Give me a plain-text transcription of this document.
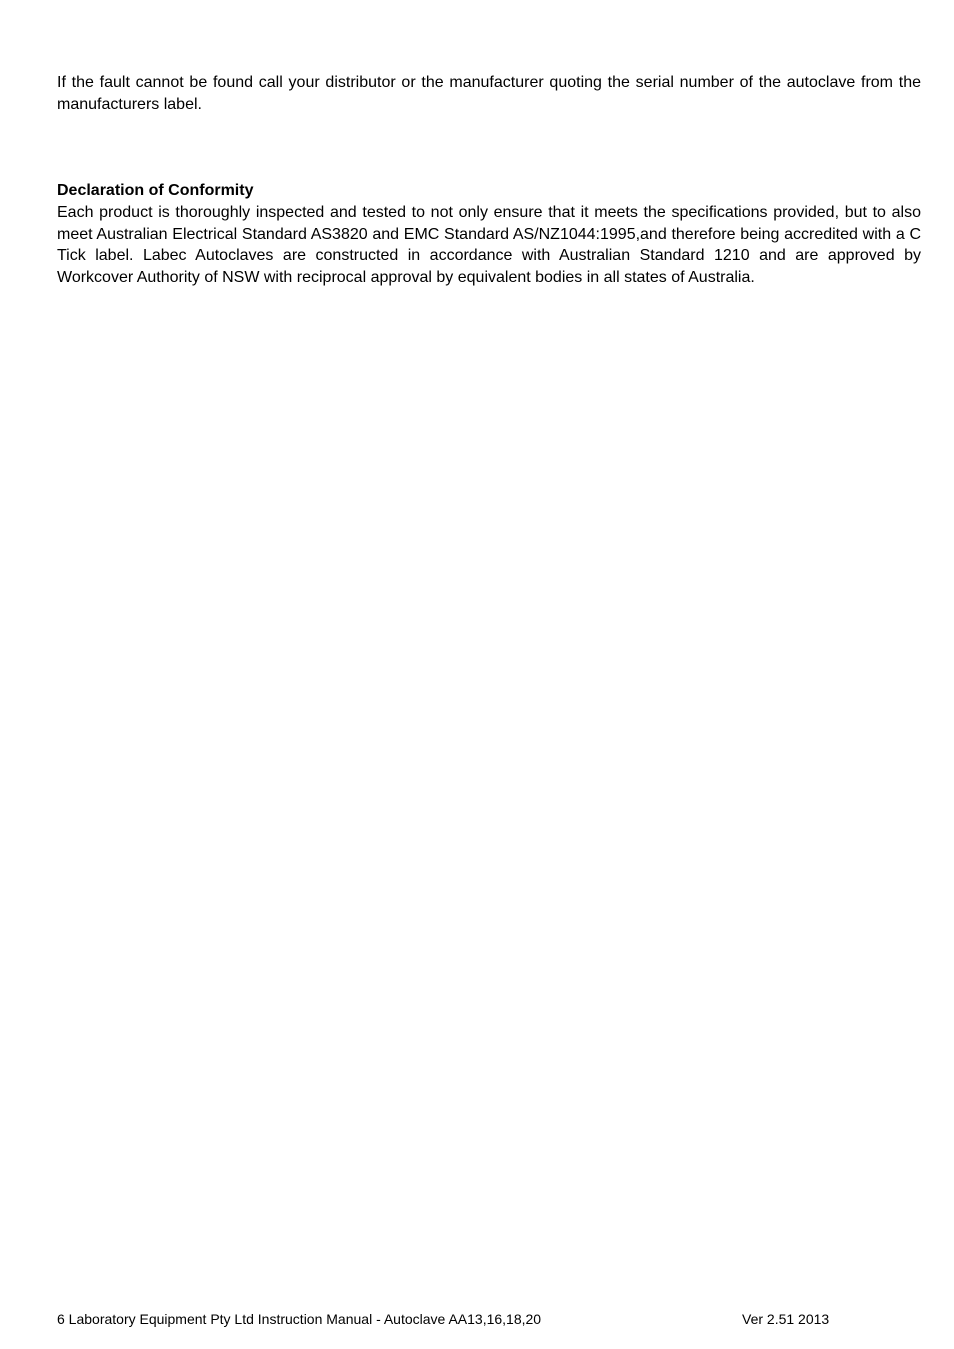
If the fault cannot be found call your distributor or the manufacturer quoting the serial number of the autoclave from the manufacturers label.

Declaration of Conformity

Each product is thoroughly inspected and tested to not only ensure that it meets the specifications provided, but to also meet Australian Electrical Standard AS3820 and EMC Standard AS/NZ1044:1995,and therefore being accredited with a C Tick label. Labec Autoclaves are constructed in accordance with Australian Standard 1210 and are approved by Workcover Authority of NSW with reciprocal approval by equivalent bodies in all states of Australia.

6 Laboratory Equipment Pty Ltd Instruction Manual - Autoclave AA13,16,18,20	Ver 2.51 2013
